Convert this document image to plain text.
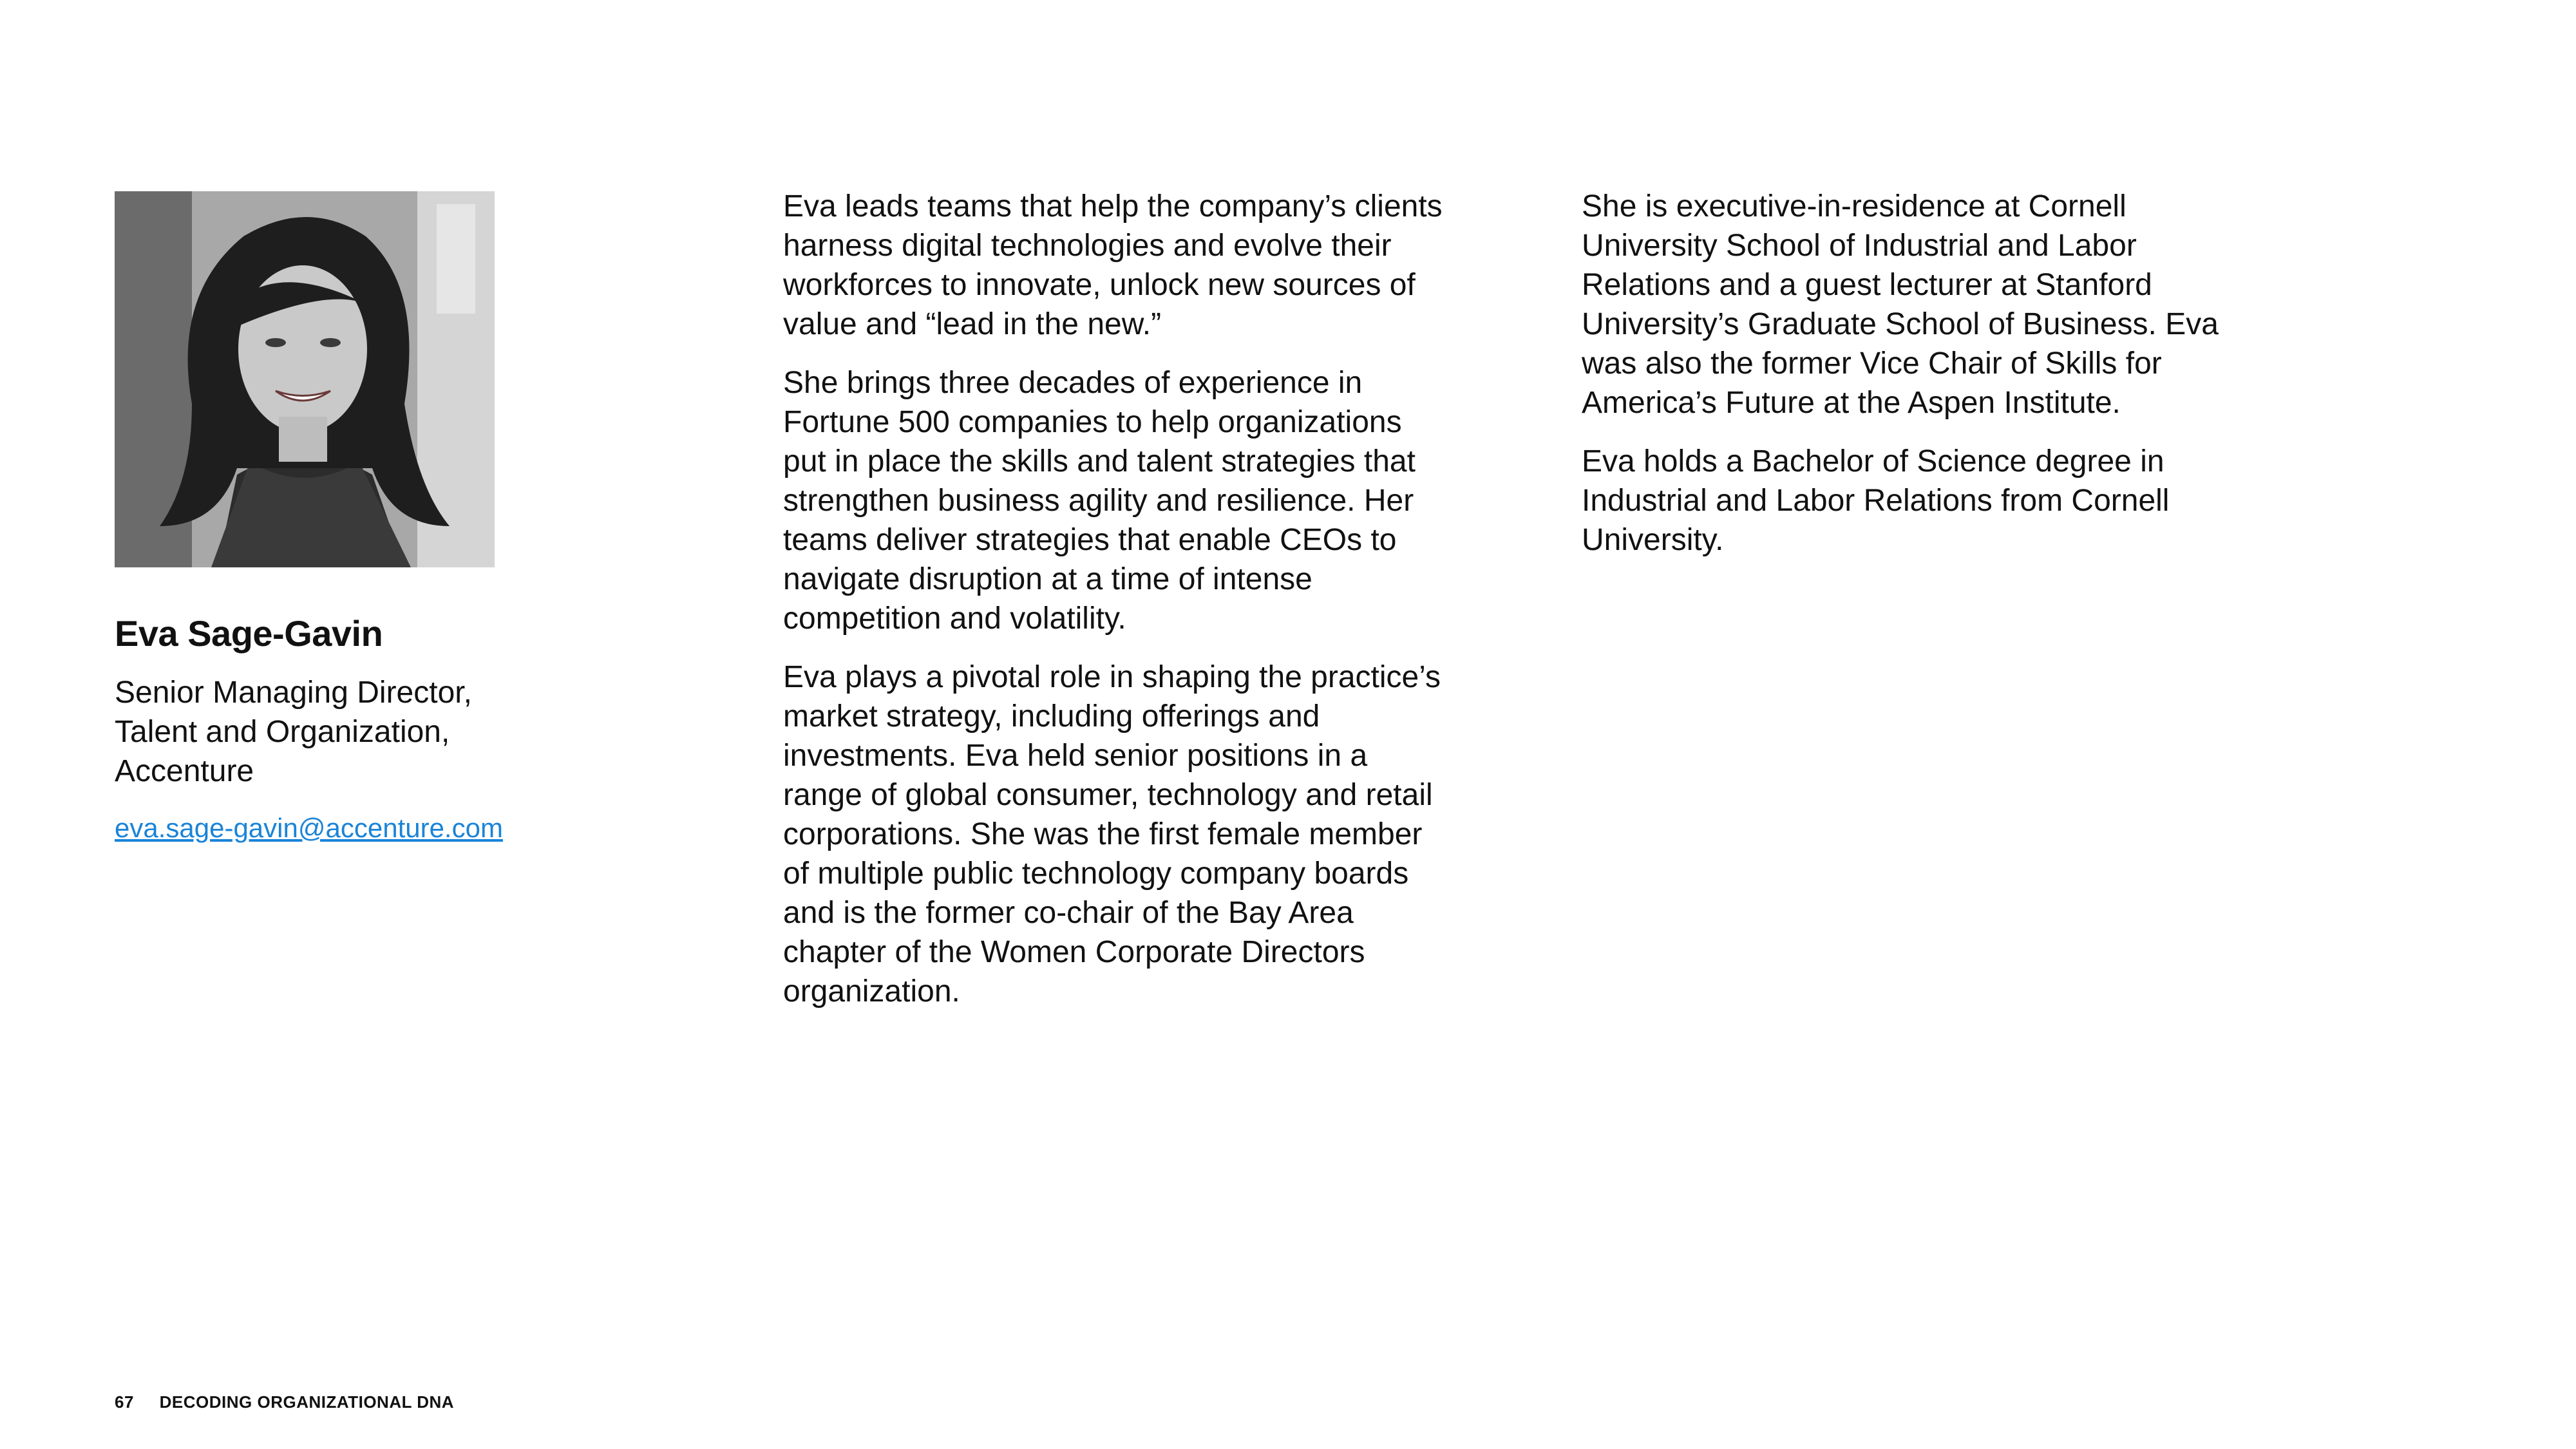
Eva Sage-Gavin
Senior Managing Director,
Talent and Organization,
Accenture
eva.sage-gavin@accenture.com

Eva leads teams that help the company’s clients harness digital technologies and evolve their workforces to innovate, unlock new sources of value and “lead in the new.”

She brings three decades of experience in Fortune 500 companies to help organizations put in place the skills and talent strategies that strengthen business agility and resilience. Her teams deliver strategies that enable CEOs to navigate disruption at a time of intense competition and volatility.

Eva plays a pivotal role in shaping the practice’s market strategy, including offerings and investments. Eva held senior positions in a range of global consumer, technology and retail corporations. She was the first female member of multiple public technology company boards and is the former co-chair of the Bay Area chapter of the Women Corporate Directors organization.

She is executive-in-residence at Cornell University School of Industrial and Labor Relations and a guest lecturer at Stanford University’s Graduate School of Business. Eva was also the former Vice Chair of Skills for America’s Future at the Aspen Institute.

Eva holds a Bachelor of Science degree in Industrial and Labor Relations from Cornell University.

67 DECODING ORGANIZATIONAL DNA
